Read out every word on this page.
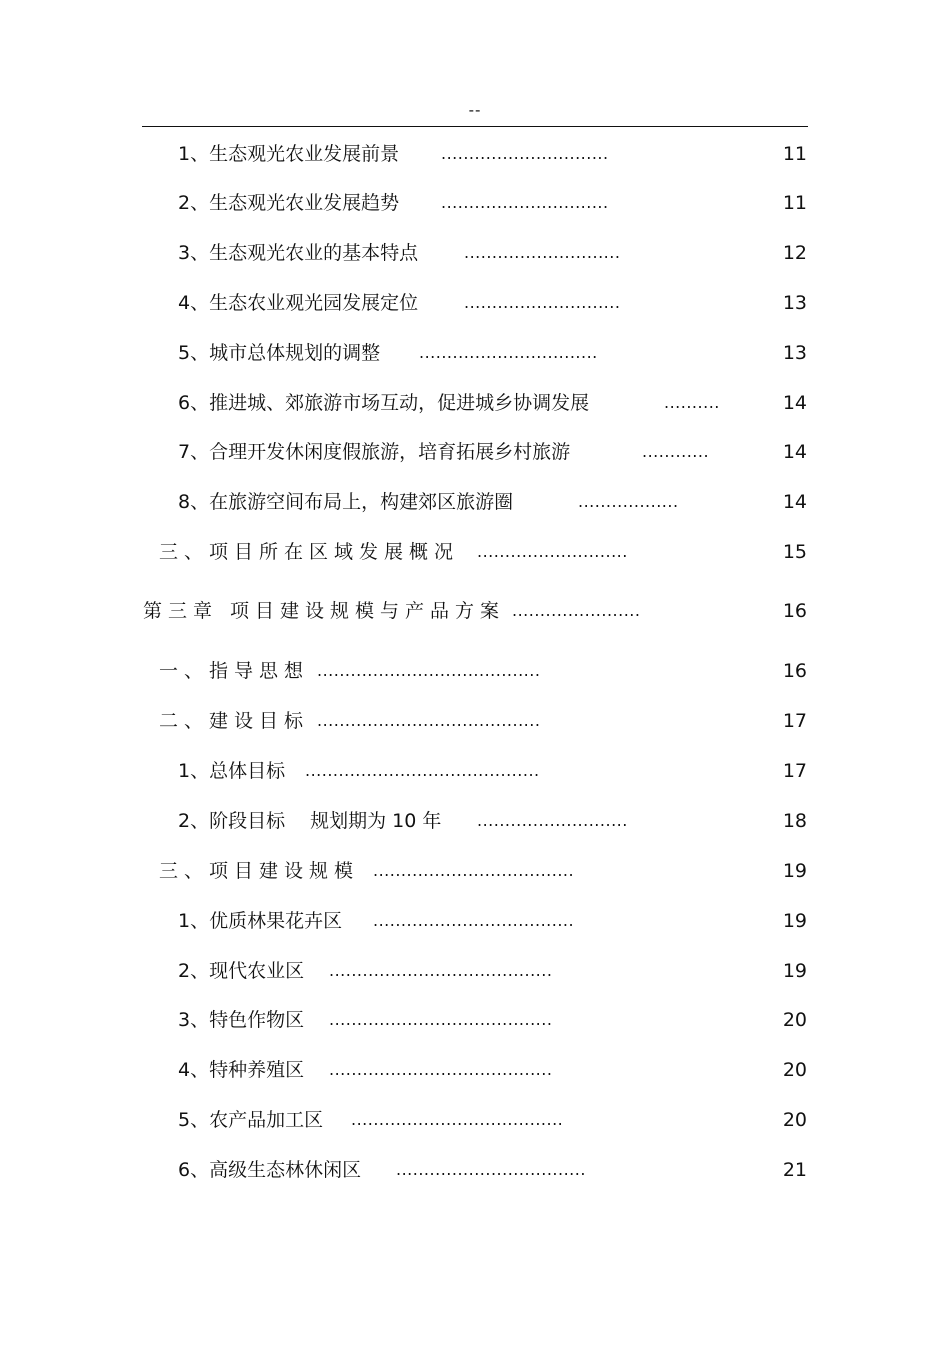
--
1、生态观光农业发展前景	..............................	11
2、生态观光农业发展趋势	..............................	11
3、生态观光农业的基本特点	............................	12
4、生态农业观光园发展定位	............................	13
5、城市总体规划的调整 ................................	13
6、推进城、郊旅游市场互动，促进城乡协调发展	..........	14
7、合理开发休闲度假旅游，培育拓展乡村旅游	............	14
8、在旅游空间布局上，构建郊区旅游圈	..................	14
三、项目所在区域发展概况 ...........................	15
第三章 项目建设规模与产品方案 .......................	16
一、指导思想 ........................................	16
二、建设目标 ........................................	17
1、总体目标 ..........................................	17
2、阶段目标　 规划期为 10 年 ...........................	18
三、项目建设规模 ....................................	19
1、优质林果花卉区 ....................................	19
2、现代农业区 ........................................	19
3、特色作物区 ........................................	20
4、特种养殖区 ........................................	20
5、农产品加工区 ......................................	20
6、高级生态林休闲区 ..................................	21
